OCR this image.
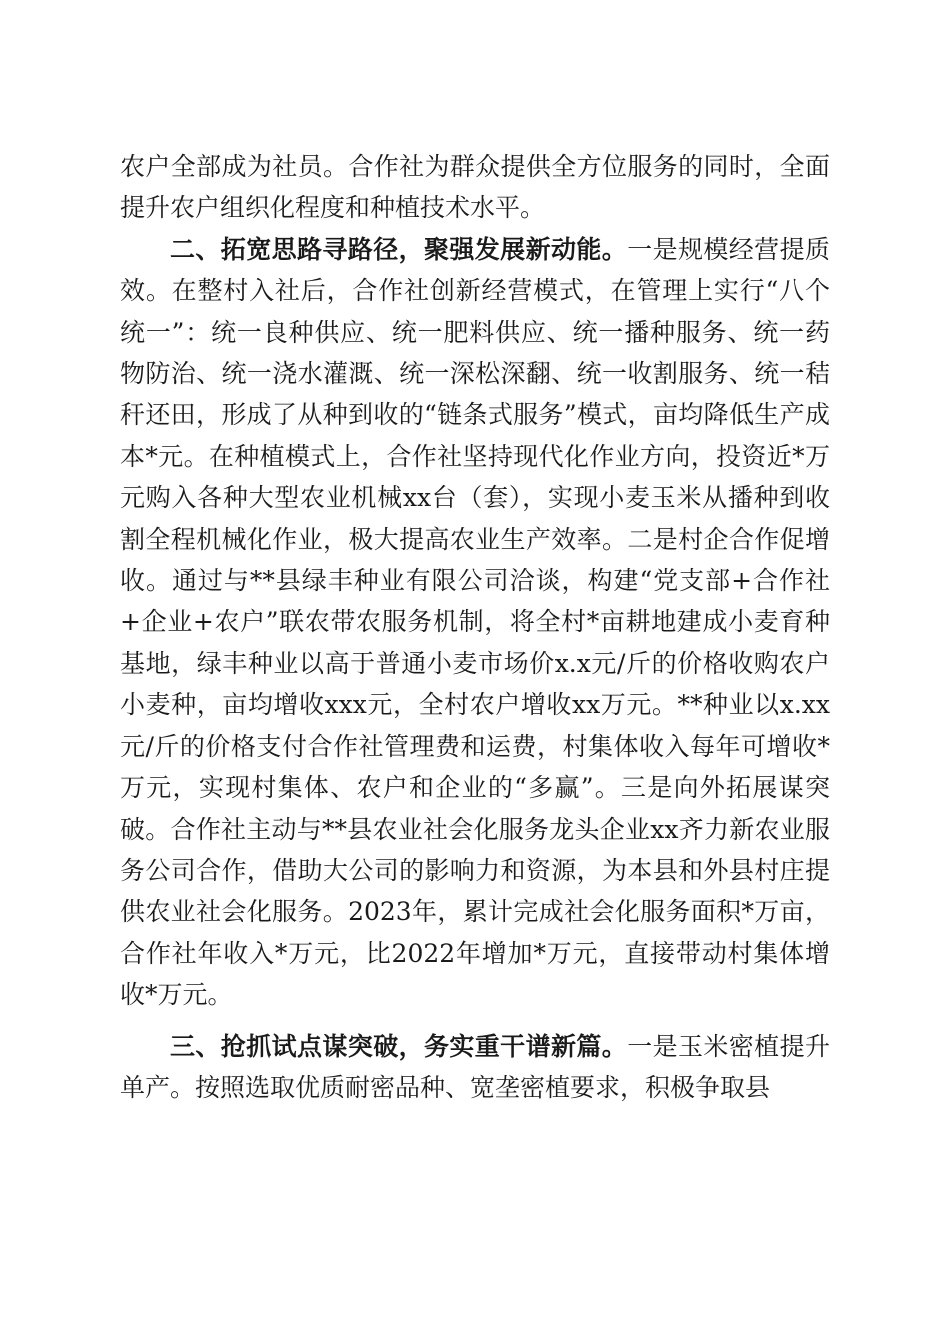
农户全部成为社员。合作社为群众提供全方位服务的同时，全面提升农户组织化程度和种植技术水平。

二、拓宽思路寻路径，聚强发展新动能。一是规模经营提质效。在整村入社后，合作社创新经营模式，在管理上实行“八个统一”：统一良种供应、统一肥料供应、统一播种服务、统一药物防治、统一浇水灌溉、统一深松深翻、统一收割服务、统一秸秆还田，形成了从种到收的“链条式服务”模式，亩均降低生产成本*元。在种植模式上，合作社坚持现代化作业方向，投资近*万元购入各种大型农业机械xx台（套），实现小麦玉米从播种到收割全程机械化作业，极大提高农业生产效率。二是村企合作促增收。通过与**县绿丰种业有限公司洽谈，构建“党支部+合作社+企业+农户”联农带农服务机制，将全村*亩耕地建成小麦育种基地，绿丰种业以高于普通小麦市场价x.x元/斤的价格收购农户小麦种，亩均增收xxx元，全村农户增收xx万元。**种业以x.xx元/斤的价格支付合作社管理费和运费，村集体收入每年可增收*万元，实现村集体、农户和企业的“多赢”。三是向外拓展谋突破。合作社主动与**县农业社会化服务龙头企业xx齐力新农业服务公司合作，借助大公司的影响力和资源，为本县和外县村庄提供农业社会化服务。2023年，累计完成社会化服务面积*万亩，合作社年收入*万元，比2022年增加*万元，直接带动村集体增收*万元。

三、抢抓试点谋突破，务实重干谱新篇。一是玉米密植提升单产。按照选取优质耐密品种、宽垄密植要求，积极争取县
